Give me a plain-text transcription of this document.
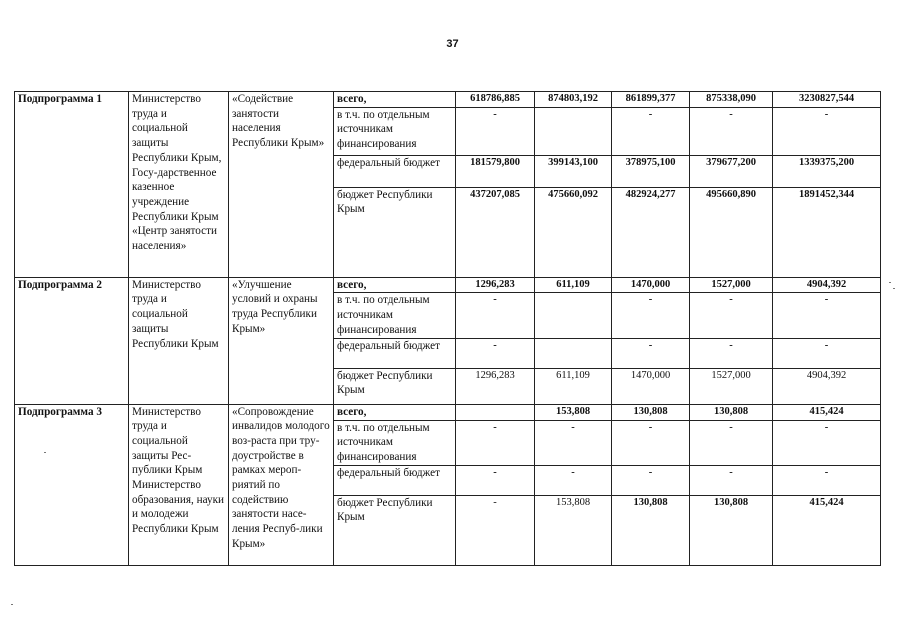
37
Подпрограмма 1	Министерство труда и социальной защиты Республики Крым, Госу-дарственное казенное учреждение Республики Крым «Центр занятости населения»	«Содействие занятости населения Республики Крым»	всего,	618786,885	874803,192	861899,377	875338,090	3230827,544
			в т.ч. по отдельным источникам финансирования	-		-	-	-
			федеральный бюджет	181579,800	399143,100	378975,100	379677,200	1339375,200
			бюджет Республики Крым	437207,085	475660,092	482924,277	495660,890	1891452,344
Подпрограмма 2	Министерство труда и социальной защиты Республики Крым	«Улучшение условий и охраны труда Республики Крым»	всего,	1296,283	611,109	1470,000	1527,000	4904,392
			в т.ч. по отдельным источникам финансирования	-		-	-	-
			федеральный бюджет	-		-	-	-
			бюджет Республики Крым	1296,283	611,109	1470,000	1527,000	4904,392
Подпрограмма 3	Министерство труда и социальной защиты Рес-публики Крым Министерство образования, науки и молодежи Республики Крым	«Сопровождение инвалидов молодого воз-раста при тру-доустройстве в рамках мероп-риятий по содействию занятости насе-ления Респуб-лики Крым»	всего,		153,808	130,808	130,808	415,424
			в т.ч. по отдельным источникам финансирования	-	-	-	-	-
			федеральный бюджет	-	-	-	-	-
			бюджет Республики Крым	-	153,808	130,808	130,808	415,424
